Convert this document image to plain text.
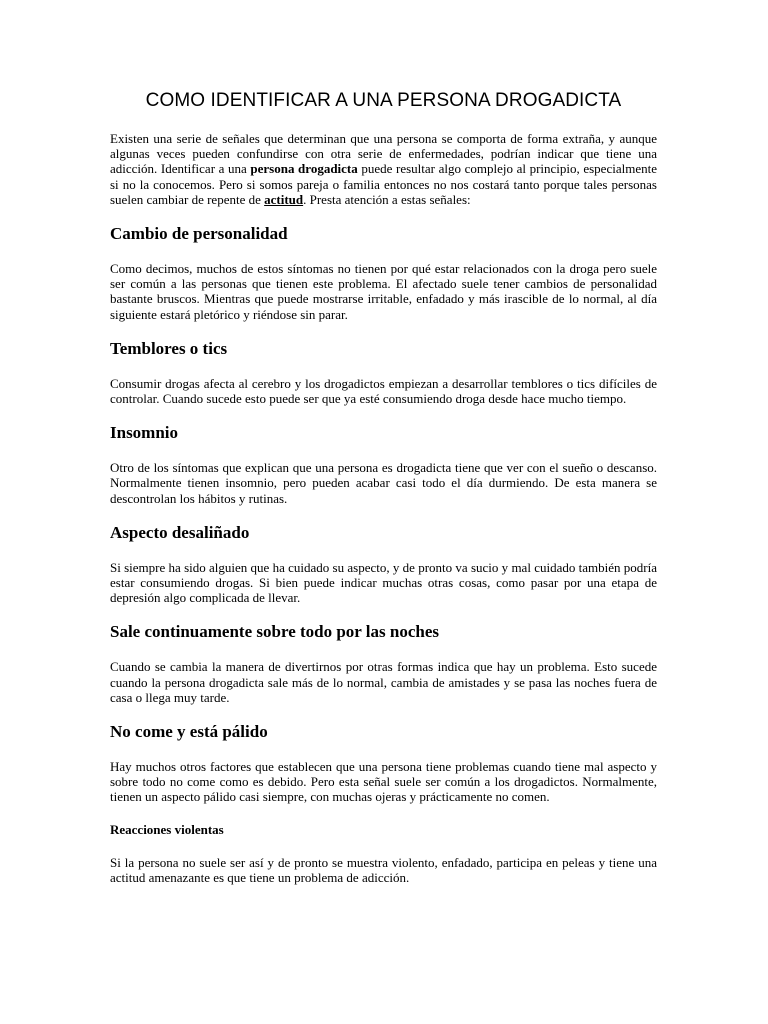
COMO IDENTIFICAR A UNA PERSONA DROGADICTA

Existen una serie de señales que determinan que una persona se comporta de forma extraña, y aunque algunas veces pueden confundirse con otra serie de enfermedades, podrían indicar que tiene una adicción. Identificar a una persona drogadicta puede resultar algo complejo al principio, especialmente si no la conocemos. Pero si somos pareja o familia entonces no nos costará tanto porque tales personas suelen cambiar de repente de actitud. Presta atención a estas señales:

Cambio de personalidad

Como decimos, muchos de estos síntomas no tienen por qué estar relacionados con la droga pero suele ser común a las personas que tienen este problema. El afectado suele tener cambios de personalidad bastante bruscos. Mientras que puede mostrarse irritable, enfadado y más irascible de lo normal, al día siguiente estará pletórico y riéndose sin parar.

Temblores o tics

Consumir drogas afecta al cerebro y los drogadictos empiezan a desarrollar temblores o tics difíciles de controlar. Cuando sucede esto puede ser que ya esté consumiendo droga desde hace mucho tiempo.

Insomnio

Otro de los síntomas que explican que una persona es drogadicta tiene que ver con el sueño o descanso. Normalmente tienen insomnio, pero pueden acabar casi todo el día durmiendo. De esta manera se descontrolan los hábitos y rutinas.

Aspecto desaliñado

Si siempre ha sido alguien que ha cuidado su aspecto, y de pronto va sucio y mal cuidado también podría estar consumiendo drogas. Si bien puede indicar muchas otras cosas, como pasar por una etapa de depresión algo complicada de llevar.

Sale continuamente sobre todo por las noches

Cuando se cambia la manera de divertirnos por otras formas indica que hay un problema. Esto sucede cuando la persona drogadicta sale más de lo normal, cambia de amistades y se pasa las noches fuera de casa o llega muy tarde.

No come y está pálido

Hay muchos otros factores que establecen que una persona tiene problemas cuando tiene mal aspecto y sobre todo no come como es debido. Pero esta señal suele ser común a los drogadictos. Normalmente, tienen un aspecto pálido casi siempre, con muchas ojeras y prácticamente no comen.

Reacciones violentas

Si la persona no suele ser así y de pronto se muestra violento, enfadado, participa en peleas y tiene una actitud amenazante es que tiene un problema de adicción.
